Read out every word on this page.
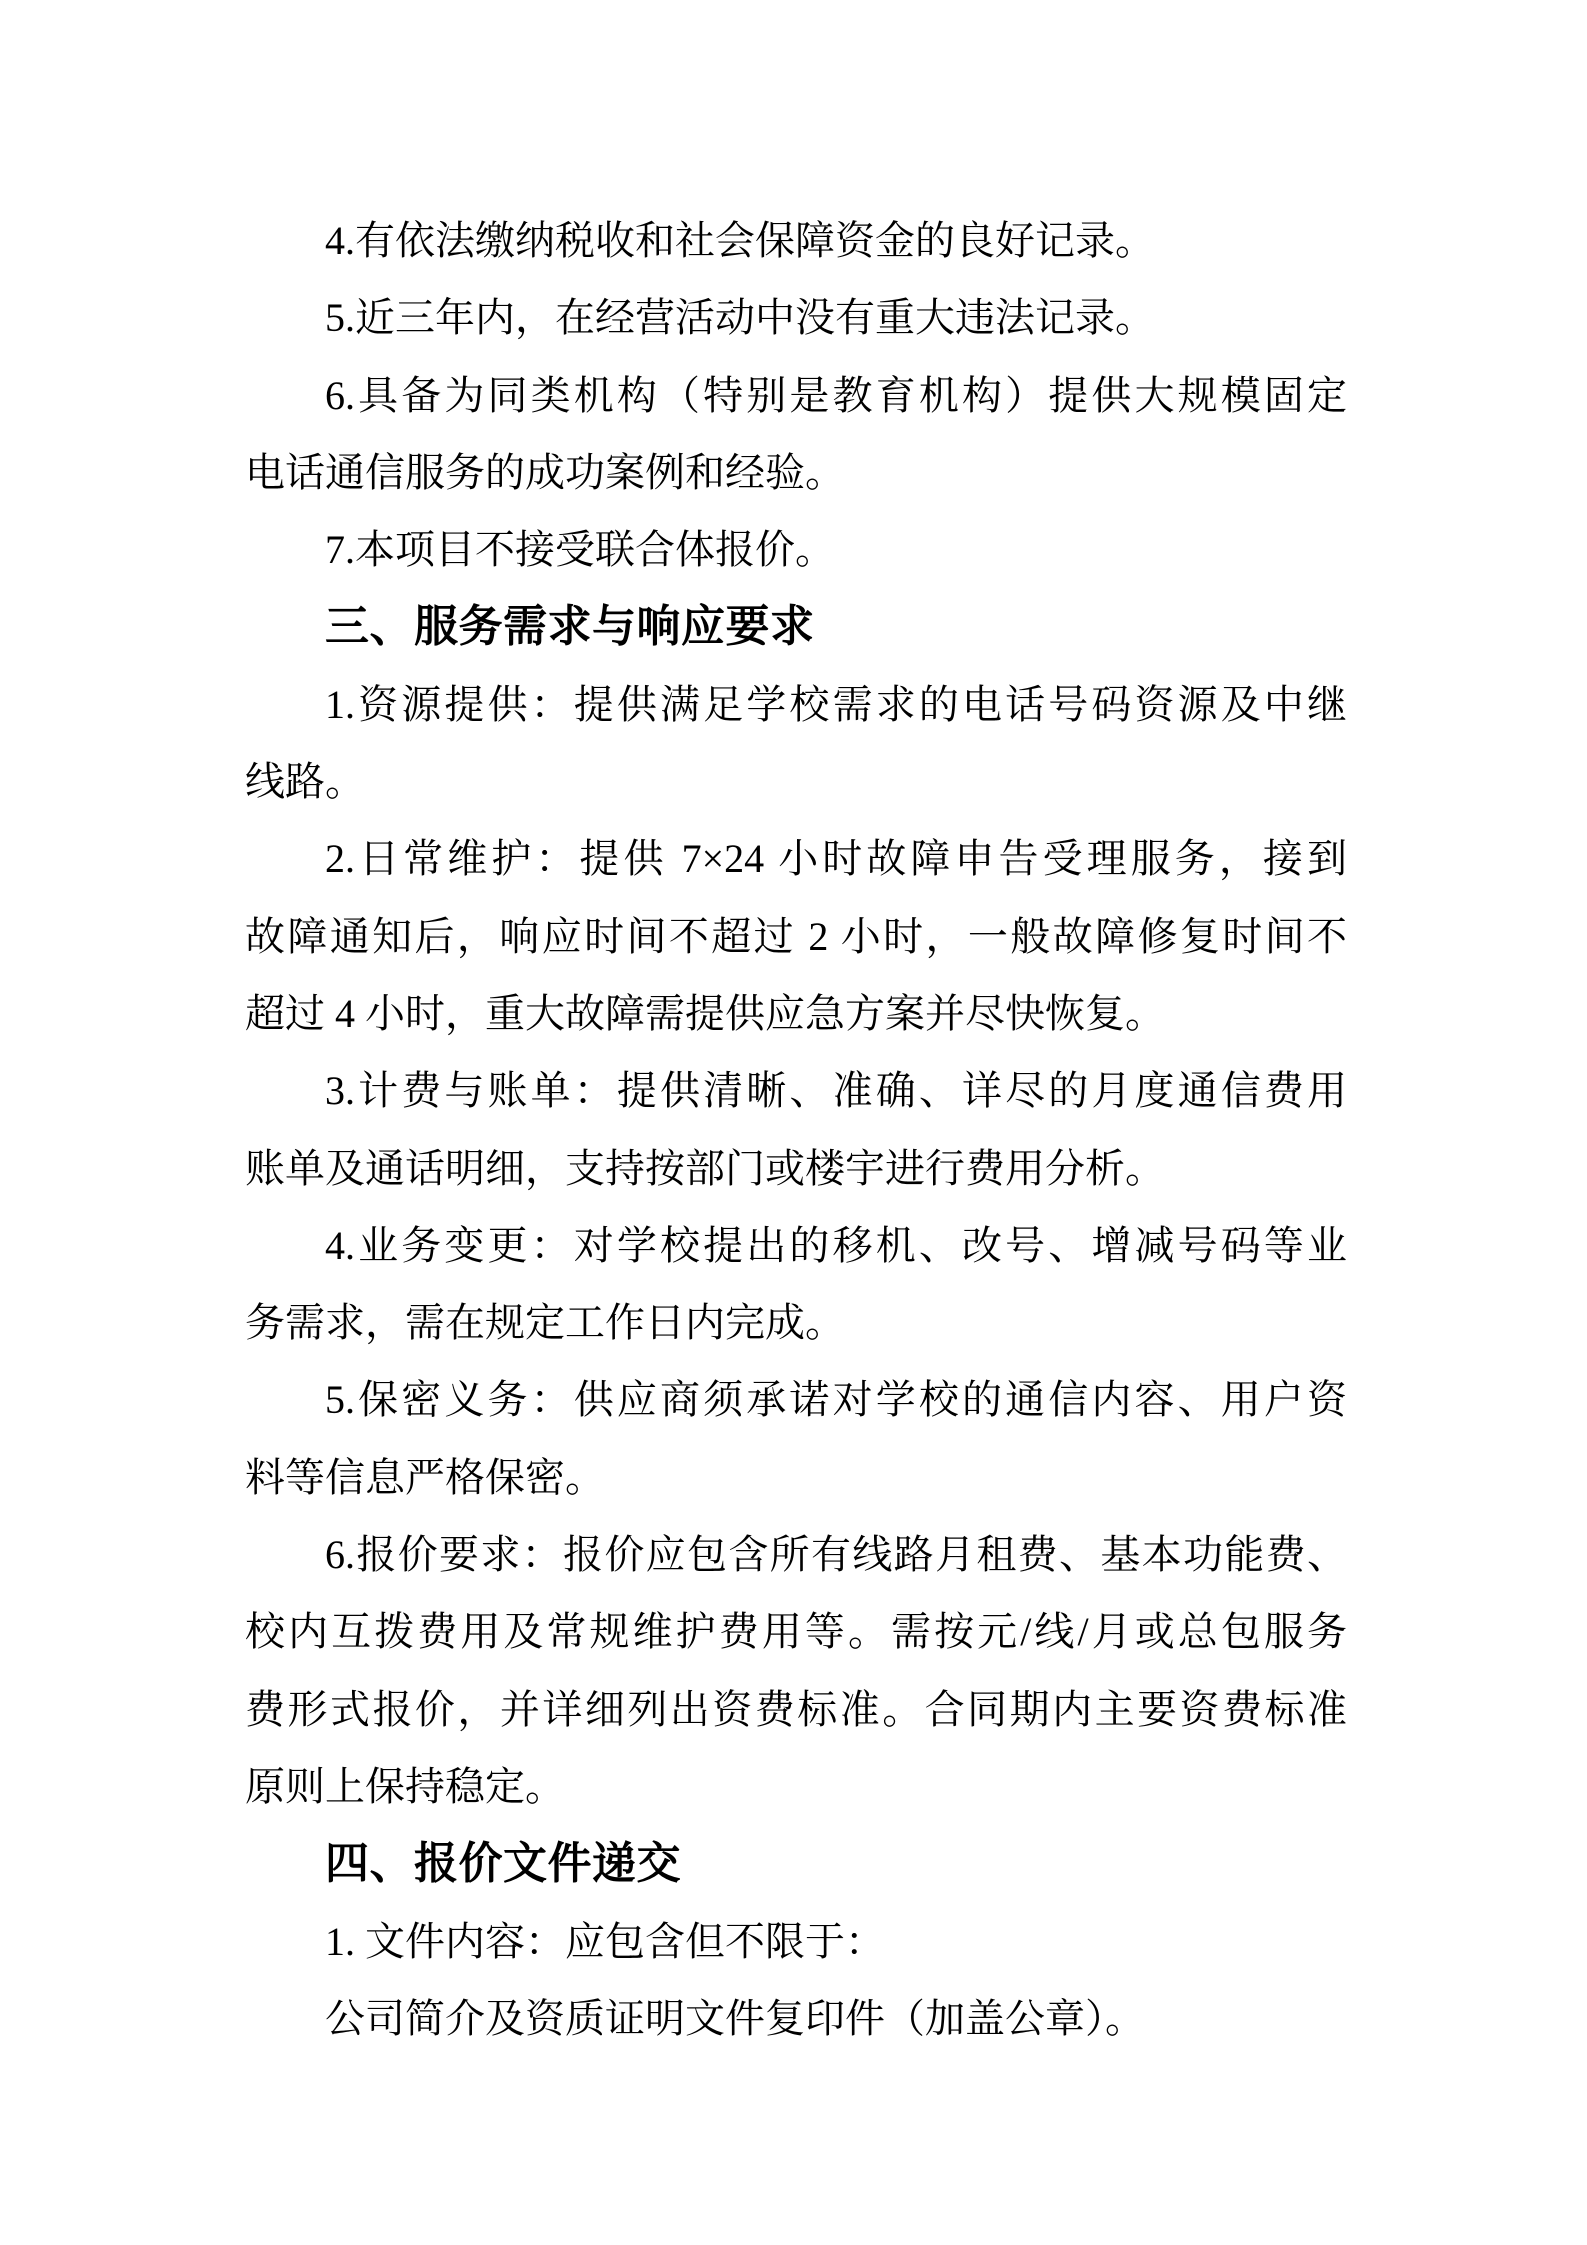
4.有依法缴纳税收和社会保障资金的良好记录。
5.近三年内，在经营活动中没有重大违法记录。
6.具备为同类机构（特别是教育机构）提供大规模固定
电话通信服务的成功案例和经验。
7.本项目不接受联合体报价。
三、服务需求与响应要求
1.资源提供：提供满足学校需求的电话号码资源及中继
线路。
2.日常维护：提供 7×24 小时故障申告受理服务，接到
故障通知后，响应时间不超过 2 小时，一般故障修复时间不
超过 4 小时，重大故障需提供应急方案并尽快恢复。
3.计费与账单：提供清晰、准确、详尽的月度通信费用
账单及通话明细，支持按部门或楼宇进行费用分析。
4.业务变更：对学校提出的移机、改号、增减号码等业
务需求，需在规定工作日内完成。
5.保密义务：供应商须承诺对学校的通信内容、用户资
料等信息严格保密。
6.报价要求：报价应包含所有线路月租费、基本功能费、
校内互拨费用及常规维护费用等。需按元/线/月或总包服务
费形式报价，并详细列出资费标准。合同期内主要资费标准
原则上保持稳定。
四、报价文件递交
1. 文件内容：应包含但不限于：
公司简介及资质证明文件复印件（加盖公章）。
